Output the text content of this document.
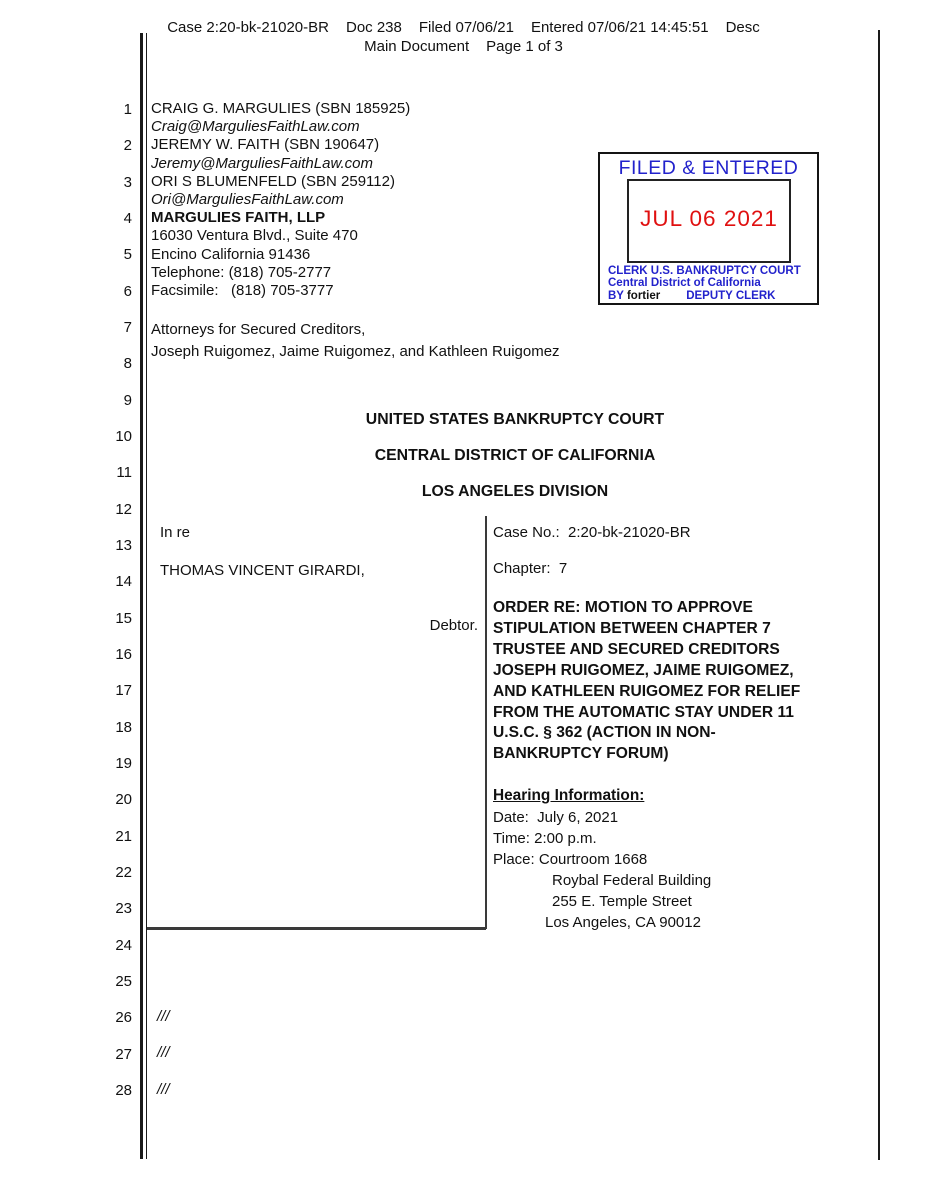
Case 2:20-bk-21020-BR Doc 238 Filed 07/06/21 Entered 07/06/21 14:45:51 Desc
Main Document Page 1 of 3
1
2
3
4
5
6
7
8
9
10
11
12
13
14
15
16
17
18
19
20
21
22
23
24
25
26
27
28
CRAIG G. MARGULIES (SBN 185925)
Craig@MarguliesFaithLaw.com
JEREMY W. FAITH (SBN 190647)
Jeremy@MarguliesFaithLaw.com
ORI S BLUMENFELD (SBN 259112)
Ori@MarguliesFaithLaw.com
MARGULIES FAITH, LLP
16030 Ventura Blvd., Suite 470
Encino California 91436
Telephone: (818) 705-2777
Facsimile:   (818) 705-3777
Attorneys for Secured Creditors,
Joseph Ruigomez, Jaime Ruigomez, and Kathleen Ruigomez
FILED & ENTERED
JUL 06 2021
CLERK U.S. BANKRUPTCY COURT
Central District of California
BY fortier DEPUTY CLERK
UNITED STATES BANKRUPTCY COURT
CENTRAL DISTRICT OF CALIFORNIA
LOS ANGELES DIVISION
In re
THOMAS VINCENT GIRARDI,
Debtor.
Case No.:  2:20-bk-21020-BR
Chapter:  7
ORDER RE: MOTION TO APPROVE
STIPULATION BETWEEN CHAPTER 7
TRUSTEE AND SECURED CREDITORS
JOSEPH RUIGOMEZ, JAIME RUIGOMEZ,
AND KATHLEEN RUIGOMEZ FOR RELIEF
FROM THE AUTOMATIC STAY UNDER 11
U.S.C. § 362 (ACTION IN NON-
BANKRUPTCY FORUM)
Hearing Information:
Date:  July 6, 2021
Time: 2:00 p.m.
Place: Courtroom 1668
Roybal Federal Building
255 E. Temple Street
Los Angeles, CA 90012
///
///
///
